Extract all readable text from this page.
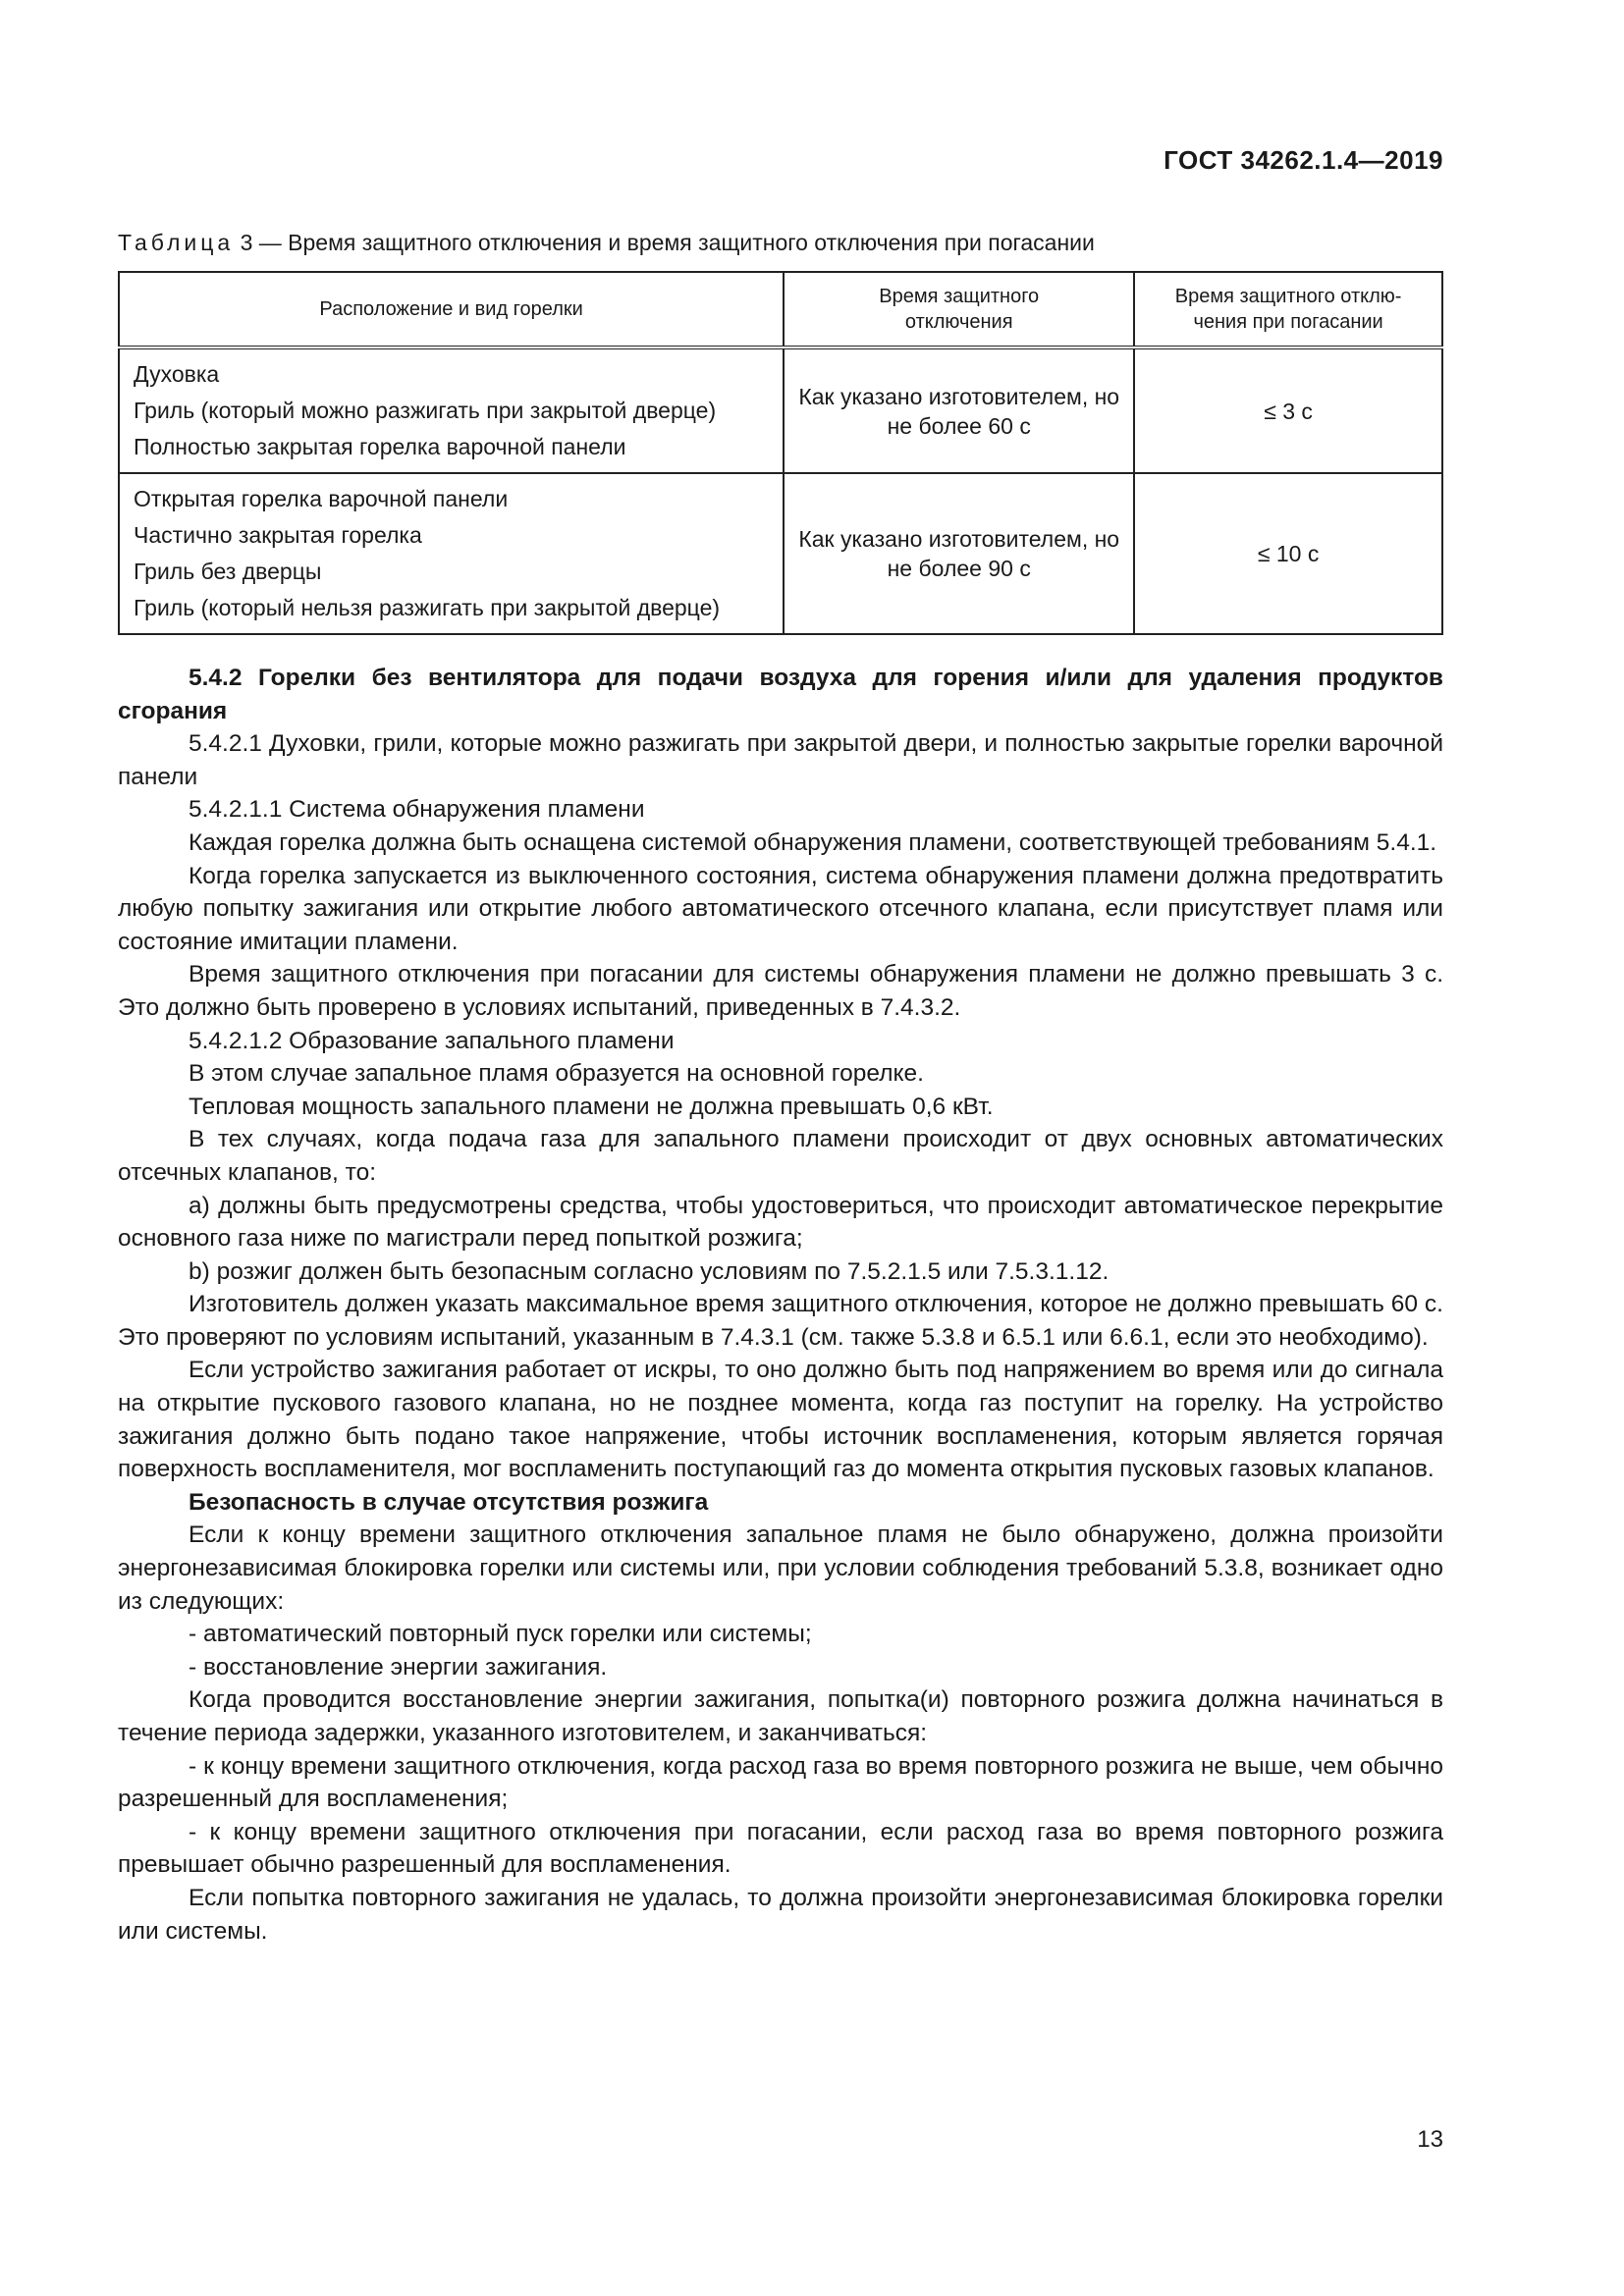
ГОСТ 34262.1.4—2019
Таблица 3 — Время защитного отключения и время защитного отключения при погасании
Расположение и вид горелки	Время защитного отключения	Время защитного отклю-чения при погасании

Духовка
Гриль (который можно разжигать при закрытой дверце)
Полностью закрытая горелка варочной панели	Как указано изготовителем, но не более 60 с	≤ 3 с

Открытая горелка варочной панели
Частично закрытая горелка
Гриль без дверцы
Гриль (который нельзя разжигать при закрытой дверце)	Как указано изготовителем, но не более 90 с	≤ 10 с

5.4.2 Горелки без вентилятора для подачи воздуха для горения и/или для удаления продуктов сгорания

5.4.2.1 Духовки, грили, которые можно разжигать при закрытой двери, и полностью закрытые горелки варочной панели

5.4.2.1.1 Система обнаружения пламени

Каждая горелка должна быть оснащена системой обнаружения пламени, соответствующей требованиям 5.4.1.

Когда горелка запускается из выключенного состояния, система обнаружения пламени должна предотвратить любую попытку зажигания или открытие любого автоматического отсечного клапана, если присутствует пламя или состояние имитации пламени.

Время защитного отключения при погасании для системы обнаружения пламени не должно превышать 3 с. Это должно быть проверено в условиях испытаний, приведенных в 7.4.3.2.

5.4.2.1.2 Образование запального пламени

В этом случае запальное пламя образуется на основной горелке.

Тепловая мощность запального пламени не должна превышать 0,6 кВт.

В тех случаях, когда подача газа для запального пламени происходит от двух основных автоматических отсечных клапанов, то:

a) должны быть предусмотрены средства, чтобы удостовериться, что происходит автоматическое перекрытие основного газа ниже по магистрали перед попыткой розжига;

b) розжиг должен быть безопасным согласно условиям по 7.5.2.1.5 или 7.5.3.1.12.

Изготовитель должен указать максимальное время защитного отключения, которое не должно превышать 60 с. Это проверяют по условиям испытаний, указанным в 7.4.3.1 (см. также 5.3.8 и 6.5.1 или 6.6.1, если это необходимо).

Если устройство зажигания работает от искры, то оно должно быть под напряжением во время или до сигнала на открытие пускового газового клапана, но не позднее момента, когда газ поступит на горелку. На устройство зажигания должно быть подано такое напряжение, чтобы источник воспламенения, которым является горячая поверхность воспламенителя, мог воспламенить поступающий газ до момента открытия пусковых газовых клапанов.

Безопасность в случае отсутствия розжига

Если к концу времени защитного отключения запальное пламя не было обнаружено, должна произойти энергонезависимая блокировка горелки или системы или, при условии соблюдения требований 5.3.8, возникает одно из следующих:

- автоматический повторный пуск горелки или системы;

- восстановление энергии зажигания.

Когда проводится восстановление энергии зажигания, попытка(и) повторного розжига должна начинаться в течение периода задержки, указанного изготовителем, и заканчиваться:

- к концу времени защитного отключения, когда расход газа во время повторного розжига не выше, чем обычно разрешенный для воспламенения;

- к концу времени защитного отключения при погасании, если расход газа во время повторного розжига превышает обычно разрешенный для воспламенения.

Если попытка повторного зажигания не удалась, то должна произойти энергонезависимая блокировка горелки или системы.

13
